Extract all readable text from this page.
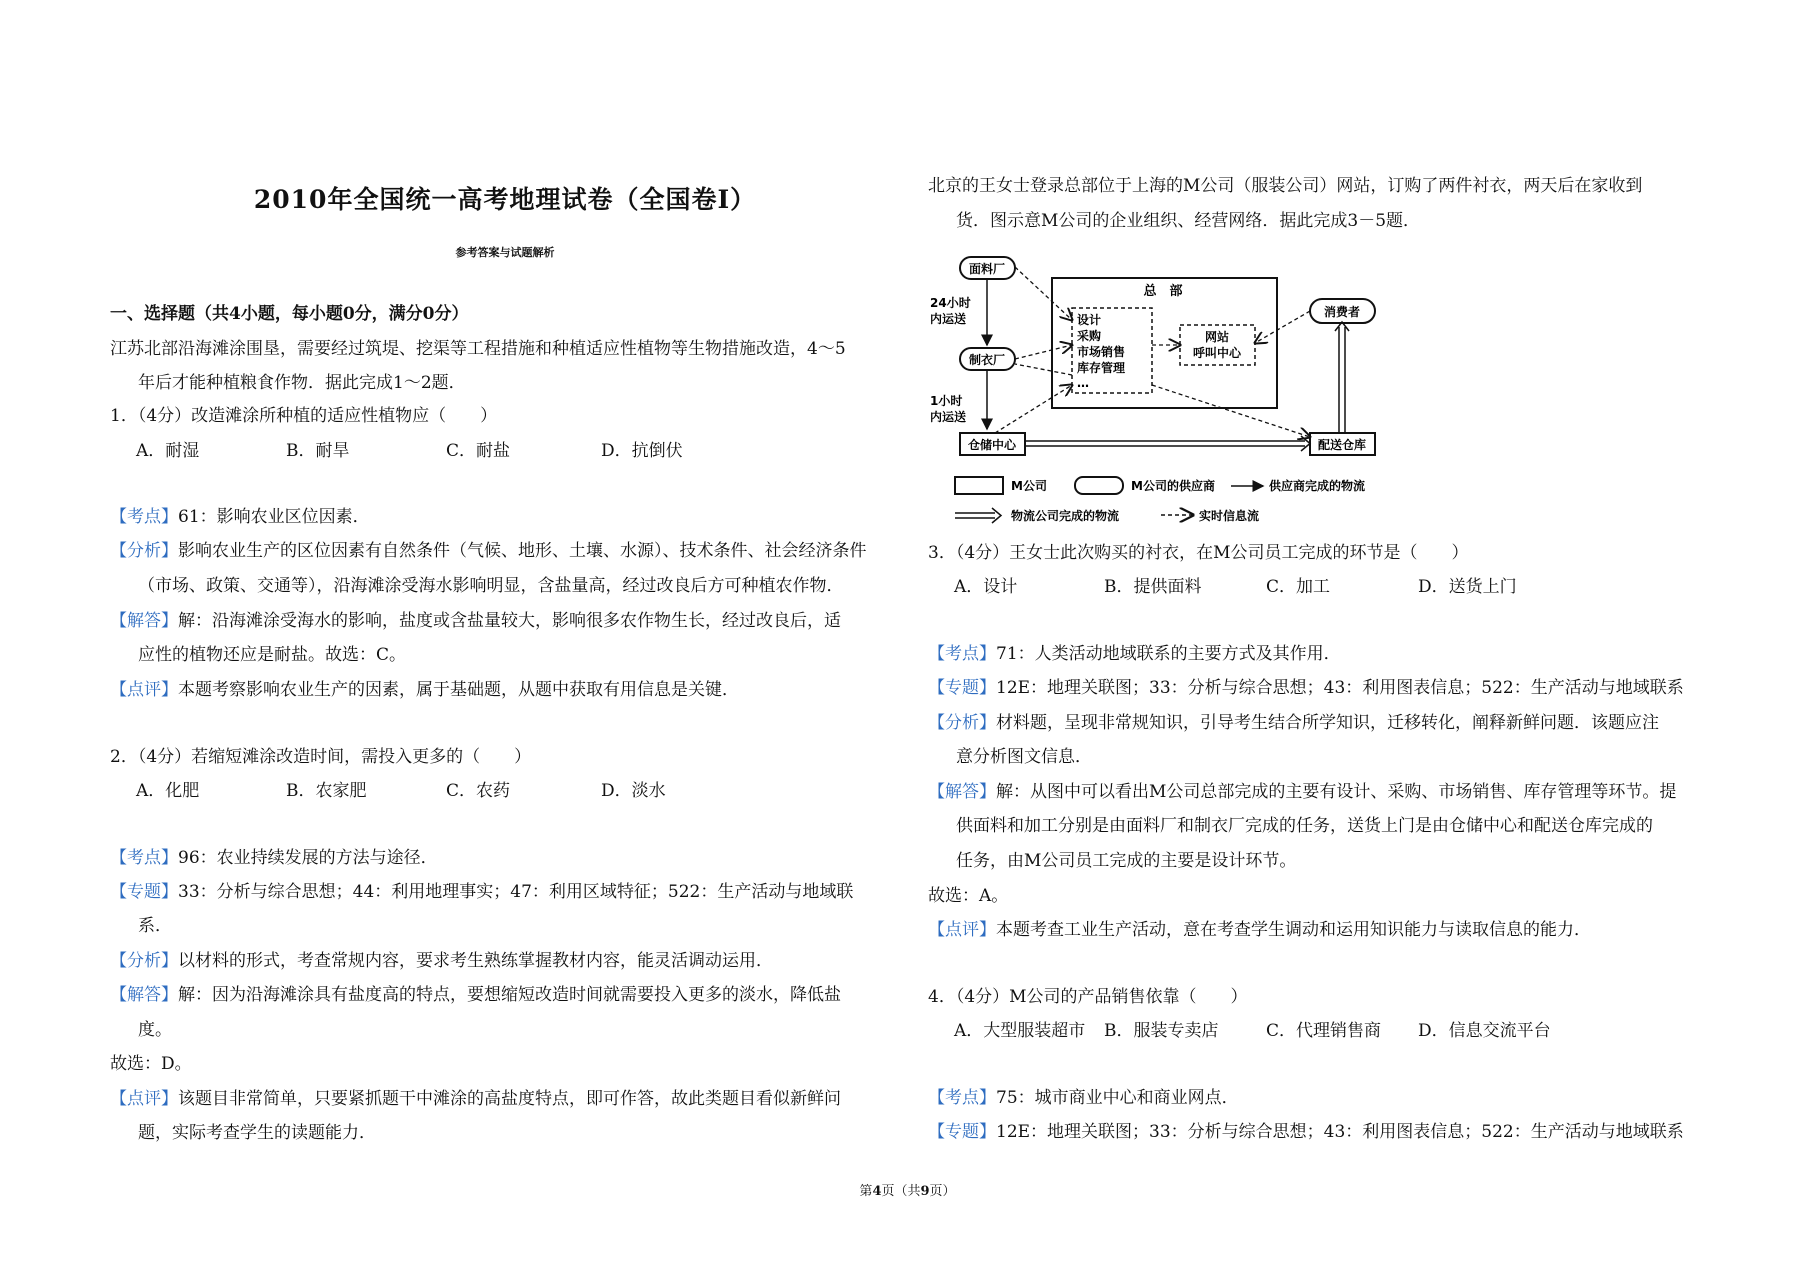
2010年全国统一高考地理试卷（全国卷Ⅰ）
参考答案与试题解析
一、选择题（共4小题，每小题0分，满分0分）
江苏北部沿海滩涂围垦，需要经过筑堤、挖渠等工程措施和种植适应性植物等生物措施改造，4～5
年后才能种植粮食作物．据此完成1～2题．
1．（4分）改造滩涂所种植的适应性植物应（　　）
A．耐湿	B．耐旱	C．耐盐	D．抗倒伏
【考点】61：影响农业区位因素．
【分析】影响农业生产的区位因素有自然条件（气候、地形、土壤、水源）、技术条件、社会经济条件
（市场、政策、交通等），沿海滩涂受海水影响明显，含盐量高，经过改良后方可种植农作物．
【解答】解：沿海滩涂受海水的影响，盐度或含盐量较大，影响很多农作物生长，经过改良后，适
应性的植物还应是耐盐。故选：C。
【点评】本题考察影响农业生产的因素，属于基础题，从题中获取有用信息是关键．
2．（4分）若缩短滩涂改造时间，需投入更多的（　　）
A．化肥	B．农家肥	C．农药	D．淡水
【考点】96：农业持续发展的方法与途径．
【专题】33：分析与综合思想；44：利用地理事实；47：利用区域特征；522：生产活动与地域联
系．
【分析】以材料的形式，考查常规内容，要求考生熟练掌握教材内容，能灵活调动运用．
【解答】解：因为沿海滩涂具有盐度高的特点，要想缩短改造时间就需要投入更多的淡水，降低盐
度。
故选：D。
【点评】该题目非常简单，只要紧抓题干中滩涂的高盐度特点，即可作答，故此类题目看似新鲜问
题，实际考查学生的读题能力．
北京的王女士登录总部位于上海的M公司（服装公司）网站，订购了两件衬衣，两天后在家收到
货．图示意M公司的企业组织、经营网络．据此完成3－5题．
总　部
设计
采购
市场销售
库存管理
…
网站
呼叫中心
面料厂
24小时
内运送
制衣厂
1小时
内运送
仓储中心	配送仓库
消费者
M公司	M公司的供应商	供应商完成的物流
物流公司完成的物流	实时信息流
3．（4分）王女士此次购买的衬衣，在M公司员工完成的环节是（　　）
A．设计	B．提供面料	C．加工	D．送货上门
【考点】71：人类活动地域联系的主要方式及其作用．
【专题】12E：地理关联图；33：分析与综合思想；43：利用图表信息；522：生产活动与地域联系
【分析】材料题，呈现非常规知识，引导考生结合所学知识，迁移转化，阐释新鲜问题．该题应注
意分析图文信息．
【解答】解：从图中可以看出M公司总部完成的主要有设计、采购、市场销售、库存管理等环节。提
供面料和加工分别是由面料厂和制衣厂完成的任务，送货上门是由仓储中心和配送仓库完成的
任务，由M公司员工完成的主要是设计环节。
故选：A。
【点评】本题考查工业生产活动，意在考查学生调动和运用知识能力与读取信息的能力．
4．（4分）M公司的产品销售依靠（　　）
A．大型服装超市 B．服装专卖店	C．代理销售商 D．信息交流平台
【考点】75：城市商业中心和商业网点．
【专题】12E：地理关联图；33：分析与综合思想；43：利用图表信息；522：生产活动与地域联系
第4页（共9页）
